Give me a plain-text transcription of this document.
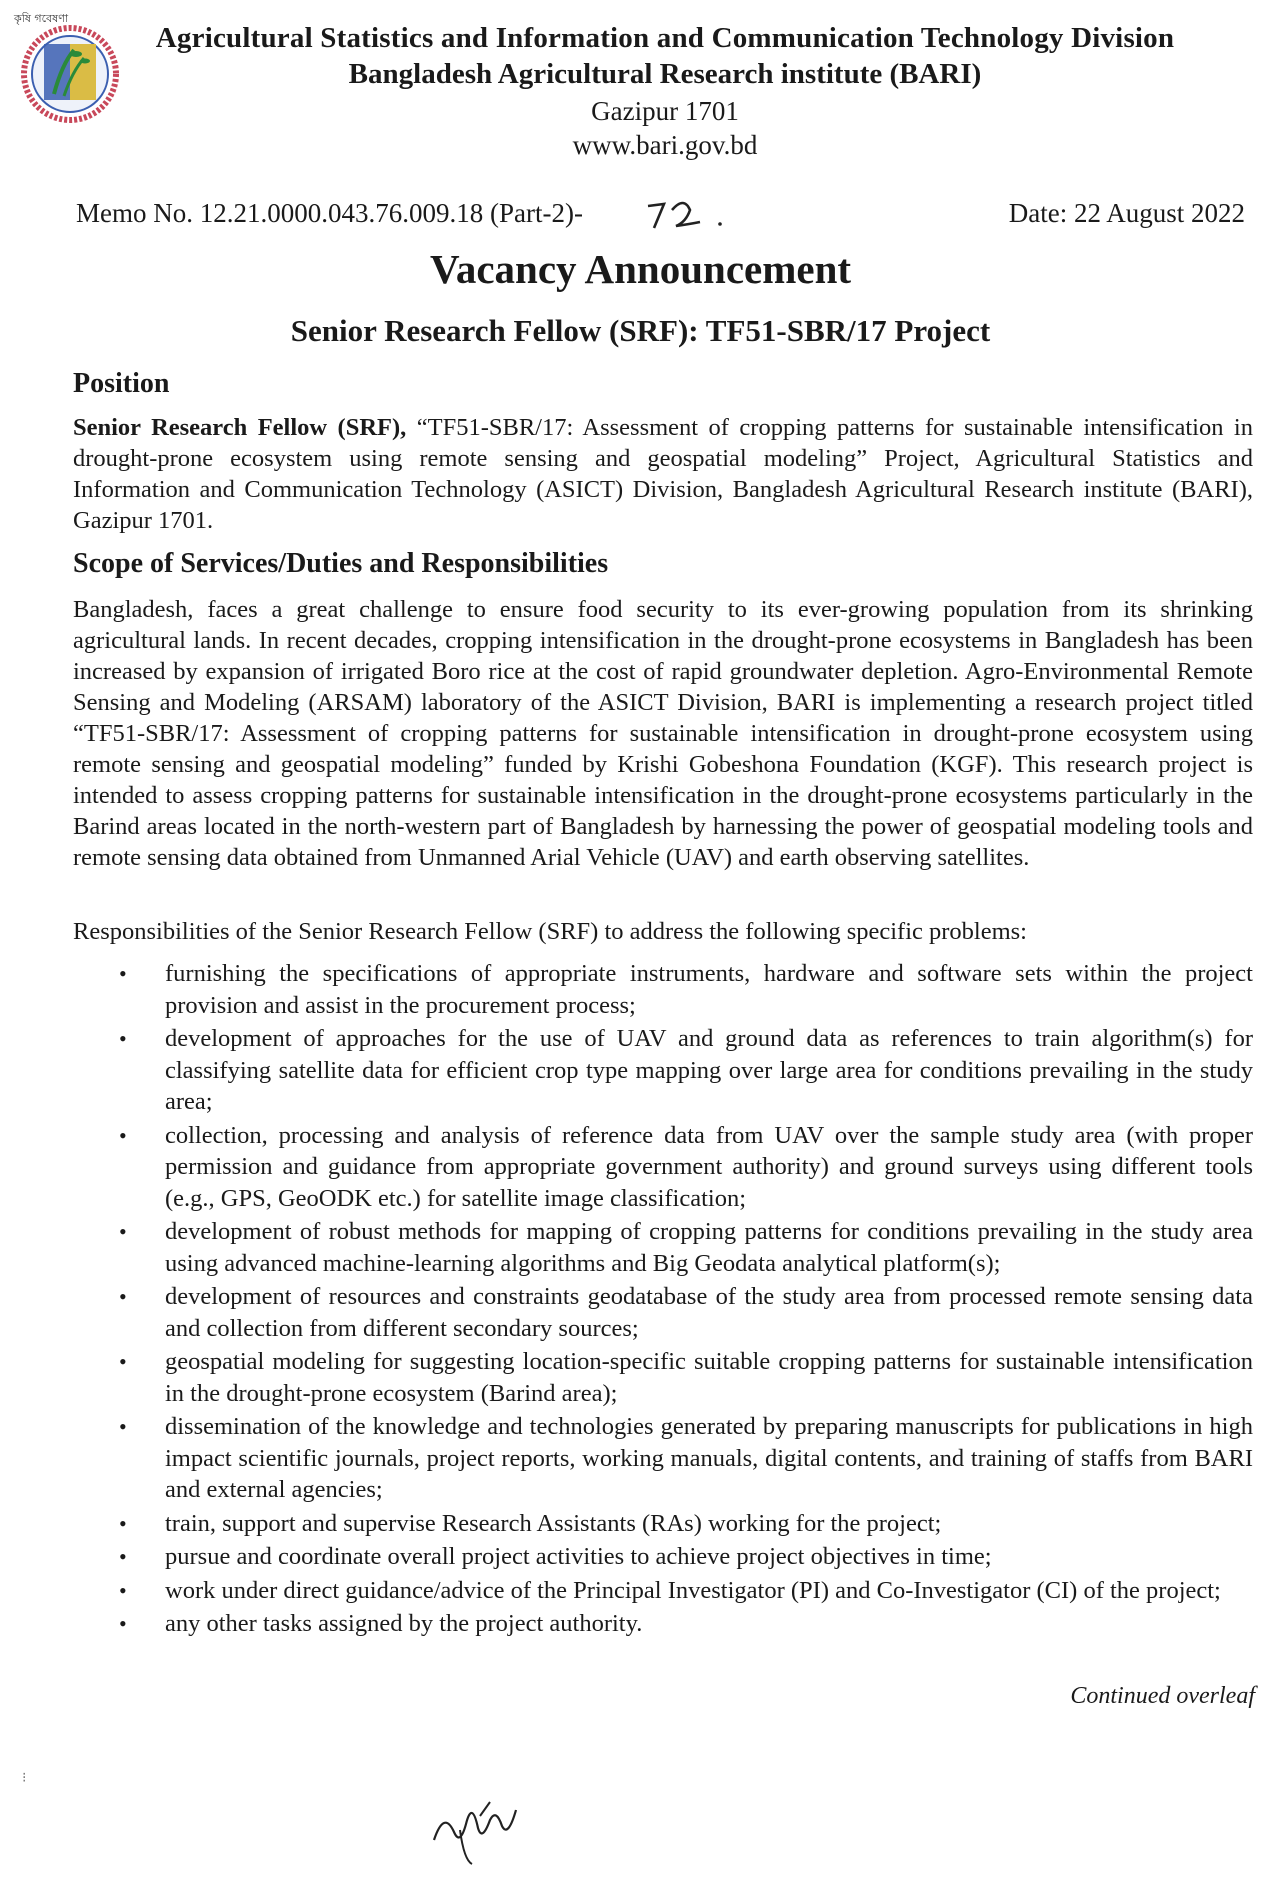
কৃষি গবেষণা
Agricultural Statistics and Information and Communication Technology Division
Bangladesh Agricultural Research institute (BARI)
Gazipur 1701
www.bari.gov.bd
Memo No. 12.21.0000.043.76.009.18 (Part-2)-	Date: 22 August 2022
Vacancy Announcement
Senior Research Fellow (SRF): TF51-SBR/17 Project
Position
Senior Research Fellow (SRF), “TF51-SBR/17: Assessment of cropping patterns for sustainable intensification in drought-prone ecosystem using remote sensing and geospatial modeling” Project, Agricultural Statistics and Information and Communication Technology (ASICT) Division, Bangladesh Agricultural Research institute (BARI), Gazipur 1701.
Scope of Services/Duties and Responsibilities
Bangladesh, faces a great challenge to ensure food security to its ever-growing population from its shrinking agricultural lands. In recent decades, cropping intensification in the drought-prone ecosystems in Bangladesh has been increased by expansion of irrigated Boro rice at the cost of rapid groundwater depletion. Agro-Environmental Remote Sensing and Modeling (ARSAM) laboratory of the ASICT Division, BARI is implementing a research project titled “TF51-SBR/17: Assessment of cropping patterns for sustainable intensification in drought-prone ecosystem using remote sensing and geospatial modeling” funded by Krishi Gobeshona Foundation (KGF). This research project is intended to assess cropping patterns for sustainable intensification in the drought-prone ecosystems particularly in the Barind areas located in the north-western part of Bangladesh by harnessing the power of geospatial modeling tools and remote sensing data obtained from Unmanned Arial Vehicle (UAV) and earth observing satellites.
Responsibilities of the Senior Research Fellow (SRF) to address the following specific problems:
• furnishing the specifications of appropriate instruments, hardware and software sets within the project provision and assist in the procurement process;
• development of approaches for the use of UAV and ground data as references to train algorithm(s) for classifying satellite data for efficient crop type mapping over large area for conditions prevailing in the study area;
• collection, processing and analysis of reference data from UAV over the sample study area (with proper permission and guidance from appropriate government authority) and ground surveys using different tools (e.g., GPS, GeoODK etc.) for satellite image classification;
• development of robust methods for mapping of cropping patterns for conditions prevailing in the study area using advanced machine-learning algorithms and Big Geodata analytical platform(s);
• development of resources and constraints geodatabase of the study area from processed remote sensing data and collection from different secondary sources;
• geospatial modeling for suggesting location-specific suitable cropping patterns for sustainable intensification in the drought-prone ecosystem (Barind area);
• dissemination of the knowledge and technologies generated by preparing manuscripts for publications in high impact scientific journals, project reports, working manuals, digital contents, and training of staffs from BARI and external agencies;
• train, support and supervise Research Assistants (RAs) working for the project;
• pursue and coordinate overall project activities to achieve project objectives in time;
• work under direct guidance/advice of the Principal Investigator (PI) and Co-Investigator (CI) of the project;
• any other tasks assigned by the project authority.
Continued overleaf
⁝
